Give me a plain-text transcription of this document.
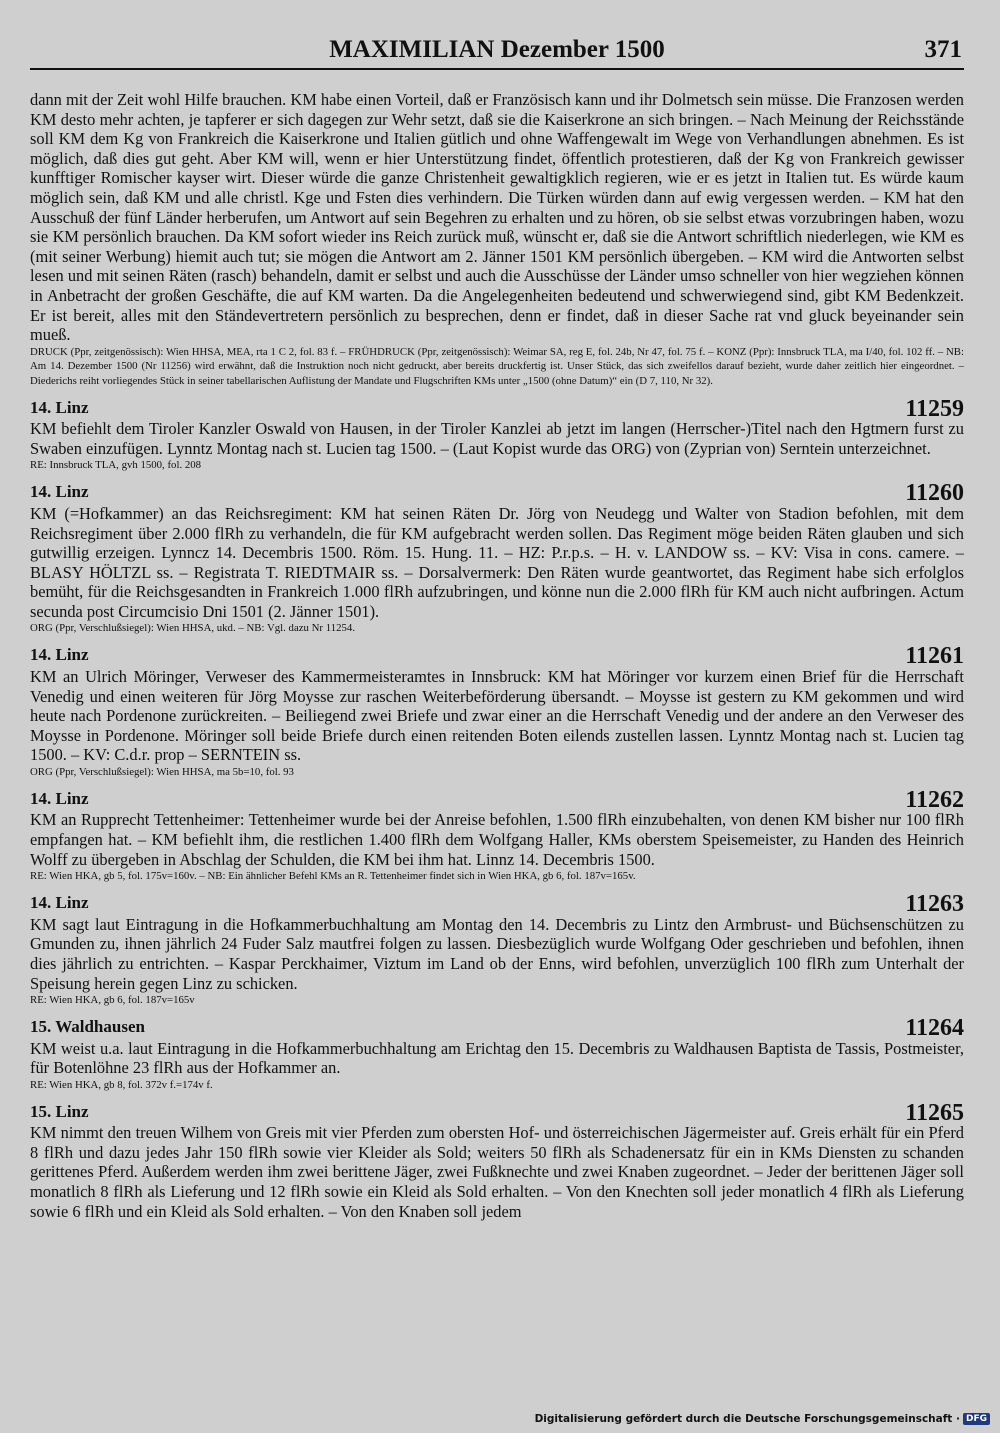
MAXIMILIAN Dezember 1500	371

dann mit der Zeit wohl Hilfe brauchen. KM habe einen Vorteil, daß er Französisch kann und ihr Dolmetsch sein müsse. Die Franzosen werden KM desto mehr achten, je tapferer er sich dagegen zur Wehr setzt, daß sie die Kaiserkrone an sich bringen. – Nach Meinung der Reichsstände soll KM dem Kg von Frankreich die Kaiserkrone und Italien gütlich und ohne Waffengewalt im Wege von Verhandlungen abnehmen. Es ist möglich, daß dies gut geht. Aber KM will, wenn er hier Unterstützung findet, öffentlich protestieren, daß der Kg von Frankreich gewisser kunfftiger Romischer kayser wirt. Dieser würde die ganze Christenheit gewaltigklich regieren, wie er es jetzt in Italien tut. Es würde kaum möglich sein, daß KM und alle christl. Kge und Fsten dies verhindern. Die Türken würden dann auf ewig vergessen werden. – KM hat den Ausschuß der fünf Länder herberufen, um Antwort auf sein Begehren zu erhalten und zu hören, ob sie selbst etwas vorzubringen haben, wozu sie KM persönlich brauchen. Da KM sofort wieder ins Reich zurück muß, wünscht er, daß sie die Antwort schriftlich niederlegen, wie KM es (mit seiner Werbung) hiemit auch tut; sie mögen die Antwort am 2. Jänner 1501 KM persönlich übergeben. – KM wird die Antworten selbst lesen und mit seinen Räten (rasch) behandeln, damit er selbst und auch die Ausschüsse der Länder umso schneller von hier wegziehen können in Anbetracht der großen Geschäfte, die auf KM warten. Da die Angelegenheiten bedeutend und schwerwiegend sind, gibt KM Bedenkzeit. Er ist bereit, alles mit den Ständevertretern persönlich zu besprechen, denn er findet, daß in dieser Sache rat vnd gluck beyeinander sein mueß.

DRUCK (Ppr, zeitgenössisch): Wien HHSA, MEA, rta 1 C 2, fol. 83 f. – FRÜHDRUCK (Ppr, zeitgenössisch): Weimar SA, reg E, fol. 24b, Nr 47, fol. 75 f. – KONZ (Ppr): Innsbruck TLA, ma I/40, fol. 102 ff. – NB: Am 14. Dezember 1500 (Nr 11256) wird erwähnt, daß die Instruktion noch nicht gedruckt, aber bereits druckfertig ist. Unser Stück, das sich zweifellos darauf bezieht, wurde daher zeitlich hier eingeordnet. – Diederichs reiht vorliegendes Stück in seiner tabellarischen Auflistung der Mandate und Flugschriften KMs unter „1500 (ohne Datum)“ ein (D 7, 110, Nr 32).

14. Linz	11259

KM befiehlt dem Tiroler Kanzler Oswald von Hausen, in der Tiroler Kanzlei ab jetzt im langen (Herrscher-)Titel nach den Hgtmern furst zu Swaben einzufügen. Lynntz Montag nach st. Lucien tag 1500. – (Laut Kopist wurde das ORG) von (Zyprian von) Serntein unterzeichnet.

RE: Innsbruck TLA, gvh 1500, fol. 208

14. Linz	11260

KM (=Hofkammer) an das Reichsregiment: KM hat seinen Räten Dr. Jörg von Neudegg und Walter von Stadion befohlen, mit dem Reichsregiment über 2.000 flRh zu verhandeln, die für KM aufgebracht werden sollen. Das Regiment möge beiden Räten glauben und sich gutwillig erzeigen. Lynncz 14. Decembris 1500. Röm. 15. Hung. 11. – HZ: P.r.p.s. – H. v. LANDOW ss. – KV: Visa in cons. camere. – BLASY HÖLTZL ss. – Registrata T. RIEDTMAIR ss. – Dorsalvermerk: Den Räten wurde geantwortet, das Regiment habe sich erfolglos bemüht, für die Reichsgesandten in Frankreich 1.000 flRh aufzubringen, und könne nun die 2.000 flRh für KM auch nicht aufbringen. Actum secunda post Circumcisio Dni 1501 (2. Jänner 1501).

ORG (Ppr, Verschlußsiegel): Wien HHSA, ukd. – NB: Vgl. dazu Nr 11254.

14. Linz	11261

KM an Ulrich Möringer, Verweser des Kammermeisteramtes in Innsbruck: KM hat Möringer vor kurzem einen Brief für die Herrschaft Venedig und einen weiteren für Jörg Moysse zur raschen Weiterbeförderung übersandt. – Moysse ist gestern zu KM gekommen und wird heute nach Pordenone zurückreiten. – Beiliegend zwei Briefe und zwar einer an die Herrschaft Venedig und der andere an den Verweser des Moysse in Pordenone. Möringer soll beide Briefe durch einen reitenden Boten eilends zustellen lassen. Lynntz Montag nach st. Lucien tag 1500. – KV: C.d.r. prop – SERNTEIN ss.

ORG (Ppr, Verschlußsiegel): Wien HHSA, ma 5b=10, fol. 93

14. Linz	11262

KM an Rupprecht Tettenheimer: Tettenheimer wurde bei der Anreise befohlen, 1.500 flRh einzubehalten, von denen KM bisher nur 100 flRh empfangen hat. – KM befiehlt ihm, die restlichen 1.400 flRh dem Wolfgang Haller, KMs oberstem Speisemeister, zu Handen des Heinrich Wolff zu übergeben in Abschlag der Schulden, die KM bei ihm hat. Linnz 14. Decembris 1500.

RE: Wien HKA, gb 5, fol. 175v=160v. – NB: Ein ähnlicher Befehl KMs an R. Tettenheimer findet sich in Wien HKA, gb 6, fol. 187v=165v.

14. Linz	11263

KM sagt laut Eintragung in die Hofkammerbuchhaltung am Montag den 14. Decembris zu Lintz den Armbrust- und Büchsenschützen zu Gmunden zu, ihnen jährlich 24 Fuder Salz mautfrei folgen zu lassen. Diesbezüglich wurde Wolfgang Oder geschrieben und befohlen, ihnen dies jährlich zu entrichten. – Kaspar Perckhaimer, Viztum im Land ob der Enns, wird befohlen, unverzüglich 100 flRh zum Unterhalt der Speisung herein gegen Linz zu schicken.

RE: Wien HKA, gb 6, fol. 187v=165v

15. Waldhausen	11264

KM weist u.a. laut Eintragung in die Hofkammerbuchhaltung am Erichtag den 15. Decembris zu Waldhausen Baptista de Tassis, Postmeister, für Botenlöhne 23 flRh aus der Hofkammer an.

RE: Wien HKA, gb 8, fol. 372v f.=174v f.

15. Linz	11265

KM nimmt den treuen Wilhem von Greis mit vier Pferden zum obersten Hof- und österreichischen Jägermeister auf. Greis erhält für ein Pferd 8 flRh und dazu jedes Jahr 150 flRh sowie vier Kleider als Sold; weiters 50 flRh als Schadenersatz für ein in KMs Diensten zu schanden gerittenes Pferd. Außerdem werden ihm zwei berittene Jäger, zwei Fußknechte und zwei Knaben zugeordnet. – Jeder der berittenen Jäger soll monatlich 8 flRh als Lieferung und 12 flRh sowie ein Kleid als Sold erhalten. – Von den Knechten soll jeder monatlich 4 flRh als Lieferung sowie 6 flRh und ein Kleid als Sold erhalten. – Von den Knaben soll jedem

Digitalisierung gefördert durch die Deutsche Forschungsgemeinschaft · DFG
